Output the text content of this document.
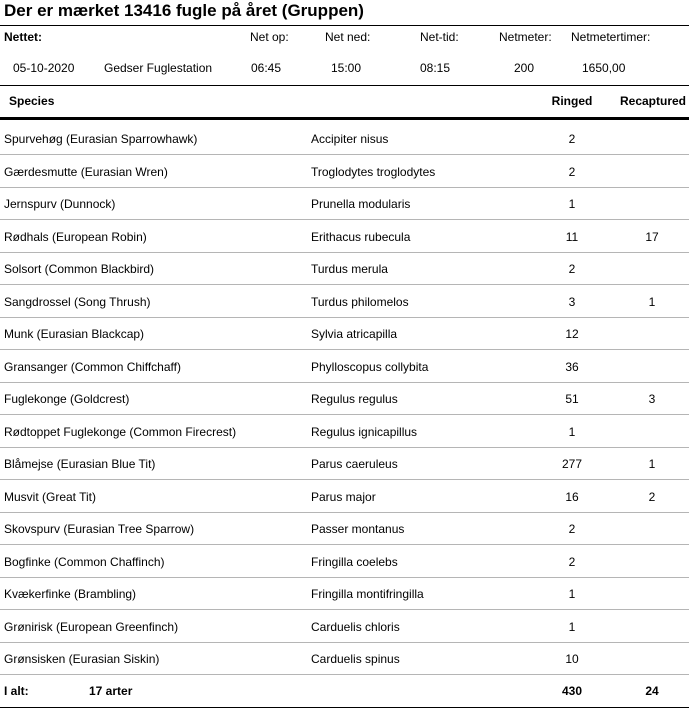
Der er mærket 13416 fugle på året (Gruppen)
Nettet:	Net op:	Net ned:	Net-tid:	Netmeter: Netmetertimer:
05-10-2020 Gedser Fuglestation	06:45	15:00	08:15	200	1650,00
Species	Ringed	Recaptured
Spurvehøg (Eurasian Sparrowhawk)	Accipiter nisus	2
Gærdesmutte (Eurasian Wren)	Troglodytes troglodytes	2
Jernspurv (Dunnock)	Prunella modularis	1
Rødhals (European Robin)	Erithacus rubecula	11	17
Solsort (Common Blackbird)	Turdus merula	2
Sangdrossel (Song Thrush)	Turdus philomelos	3	1
Munk (Eurasian Blackcap)	Sylvia atricapilla	12
Gransanger (Common Chiffchaff)	Phylloscopus collybita	36
Fuglekonge (Goldcrest)	Regulus regulus	51	3
Rødtoppet Fuglekonge (Common Firecrest)	Regulus ignicapillus	1
Blåmejse (Eurasian Blue Tit)	Parus caeruleus	277	1
Musvit (Great Tit)	Parus major	16	2
Skovspurv (Eurasian Tree Sparrow)	Passer montanus	2
Bogfinke (Common Chaffinch)	Fringilla coelebs	2
Kvækerfinke (Brambling)	Fringilla montifringilla	1
Grønirisk (European Greenfinch)	Carduelis chloris	1
Grønsisken (Eurasian Siskin)	Carduelis spinus	10
I alt:	17 arter	430	24
